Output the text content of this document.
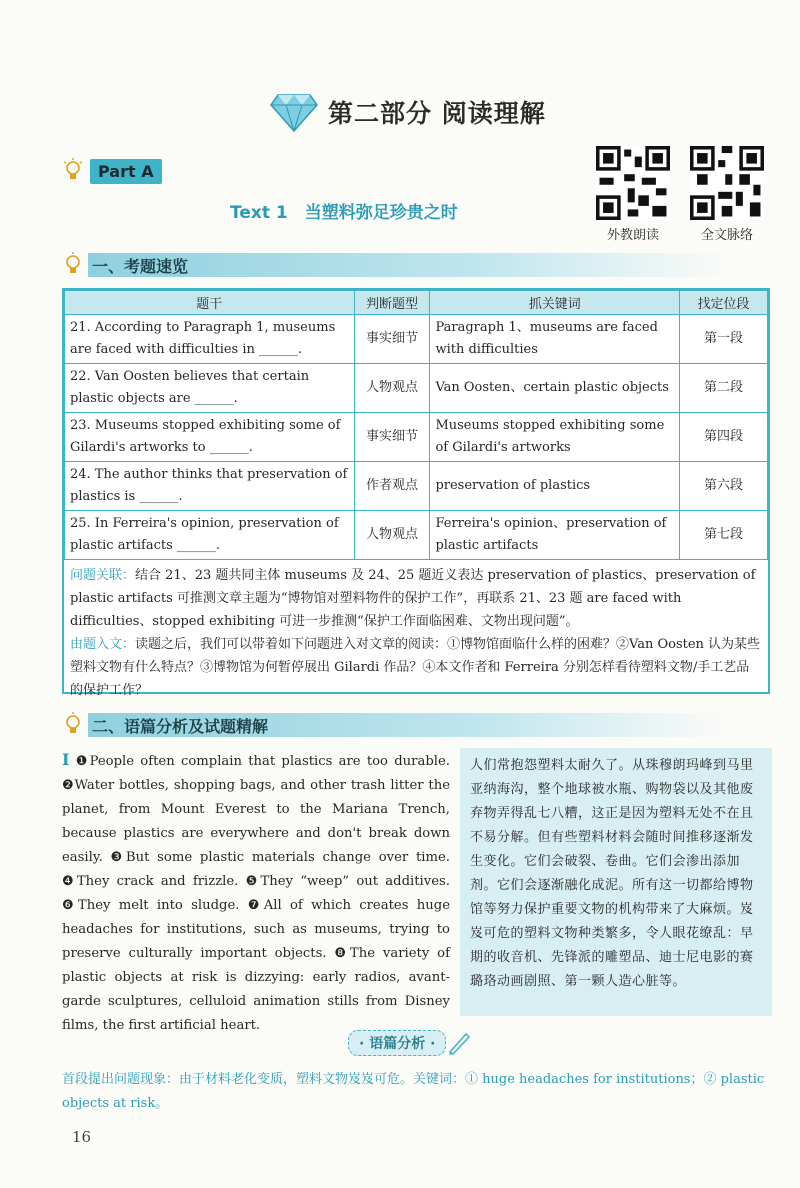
第二部分 阅读理解
Part A
Text 1　当塑料弥足珍贵之时
外教朗读	全文脉络
一、考题速览
题干	判断题型	抓关键词	找定位段
21. According to Paragraph 1, museums are faced with difficulties in ______.	事实细节	Paragraph 1、museums are faced with difficulties	第一段
22. Van Oosten believes that certain plastic objects are ______.	人物观点	Van Oosten、certain plastic objects	第二段
23. Museums stopped exhibiting some of Gilardi's artworks to ______.	事实细节	Museums stopped exhibiting some of Gilardi's artworks	第四段
24. The author thinks that preservation of plastics is ______.	作者观点	preservation of plastics	第六段
25. In Ferreira's opinion, preservation of plastic artifacts ______.	人物观点	Ferreira's opinion、preservation of plastic artifacts	第七段

问题关联：结合 21、23 题共同主体 museums 及 24、25 题近义表达 preservation of plastics、preservation of plastic artifacts 可推测文章主题为“博物馆对塑料物件的保护工作”，再联系 21、23 题 are faced with difficulties、stopped exhibiting 可进一步推测“保护工作面临困难、文物出现问题”。

由题入文：读题之后，我们可以带着如下问题进入对文章的阅读：①博物馆面临什么样的困难？②Van Oosten 认为某些塑料文物有什么特点？③博物馆为何暂停展出 Gilardi 作品？④本文作者和 Ferreira 分别怎样看待塑料文物/手工艺品的保护工作？

二、语篇分析及试题精解
I ❶People often complain that plastics are too durable. ❷Water bottles, shopping bags, and other trash litter the planet, from Mount Everest to the Mariana Trench, because plastics are everywhere and don't break down easily. ❸But some plastic materials change over time. ❹They crack and frizzle. ❺They “weep” out additives. ❻They melt into sludge. ❼All of which creates huge headaches for institutions, such as museums, trying to preserve culturally important objects. ❽The variety of plastic objects at risk is dizzying: early radios, avant-garde sculptures, celluloid animation stills from Disney films, the first artificial heart.
人们常抱怨塑料太耐久了。从珠穆朗玛峰到马里亚纳海沟，整个地球被水瓶、购物袋以及其他废弃物弄得乱七八糟，这正是因为塑料无处不在且不易分解。但有些塑料材料会随时间推移逐渐发生变化。它们会破裂、卷曲。它们会渗出添加剂。它们会逐渐融化成泥。所有这一切都给博物馆等努力保护重要文物的机构带来了大麻烦。岌岌可危的塑料文物种类繁多，令人眼花缭乱：早期的收音机、先锋派的雕塑品、迪士尼电影的赛璐珞动画剧照、第一颗人造心脏等。
· 语篇分析 ·
首段提出问题现象：由于材料老化变质，塑料文物岌岌可危。关键词：① huge headaches for institutions；② plastic objects at risk。
16
